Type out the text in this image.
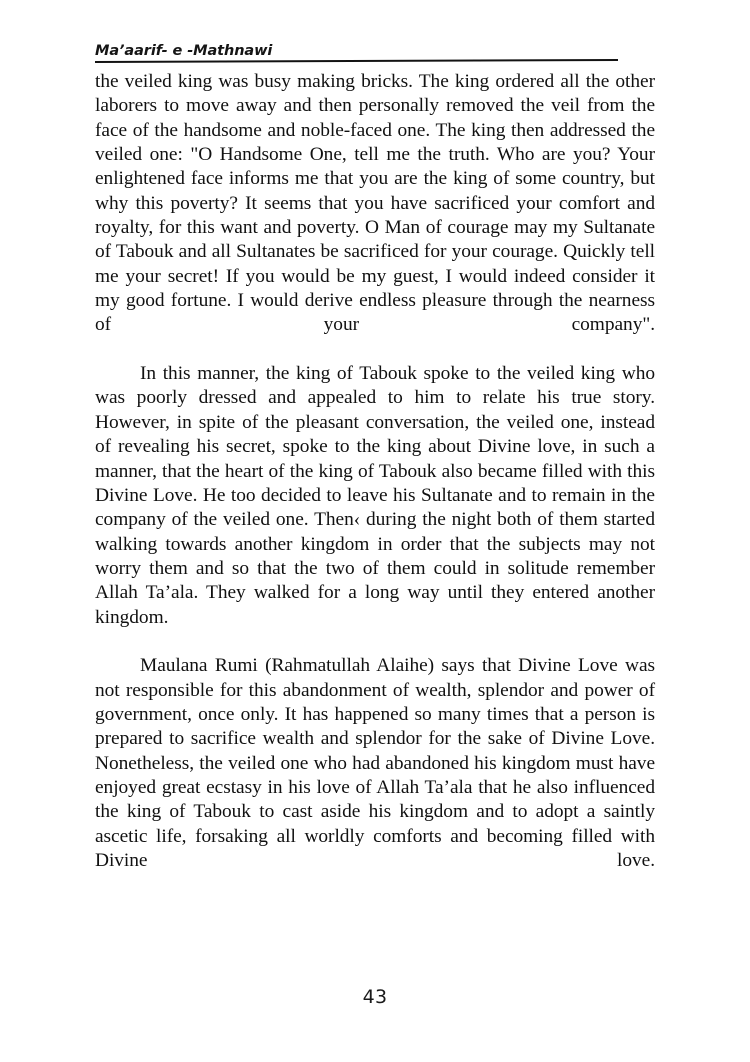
Ma’aarif- e -Mathnawi

the veiled king was busy making bricks. The king ordered all the other laborers to move away and then personally removed the veil from the face of the handsome and noble-faced one. The king then addressed the veiled one: "O Handsome One, tell me the truth. Who are you? Your enlightened face informs me that you are the king of some country, but why this poverty? It seems that you have sacrificed your comfort and royalty, for this want and poverty. O Man of courage may my Sultanate of Tabouk and all Sultanates be sacrificed for your courage. Quickly tell me your secret! If you would be my guest, I would indeed consider it my good fortune. I would derive endless pleasure through the nearness of your company".

In this manner, the king of Tabouk spoke to the veiled king who was poorly dressed and appealed to him to relate his true story. However, in spite of the pleasant conversation, the veiled one, instead of revealing his secret, spoke to the king about Divine love, in such a manner, that the heart of the king of Tabouk also became filled with this Divine Love. He too decided to leave his Sultanate and to remain in the company of the veiled one. Then‹ during the night both of them started walking towards another kingdom in order that the subjects may not worry them and so that the two of them could in solitude remember Allah Ta’ala. They walked for a long way until they entered another kingdom.

Maulana Rumi (Rahmatullah Alaihe) says that Divine Love was not responsible for this abandonment of wealth, splendor and power of government, once only. It has happened so many times that a person is prepared to sacrifice wealth and splendor for the sake of Divine Love. Nonetheless, the veiled one who had abandoned his kingdom must have enjoyed great ecstasy in his love of Allah Ta’ala that he also influenced the king of Tabouk to cast aside his kingdom and to adopt a saintly ascetic life, forsaking all worldly comforts and becoming filled with Divine love.

43
